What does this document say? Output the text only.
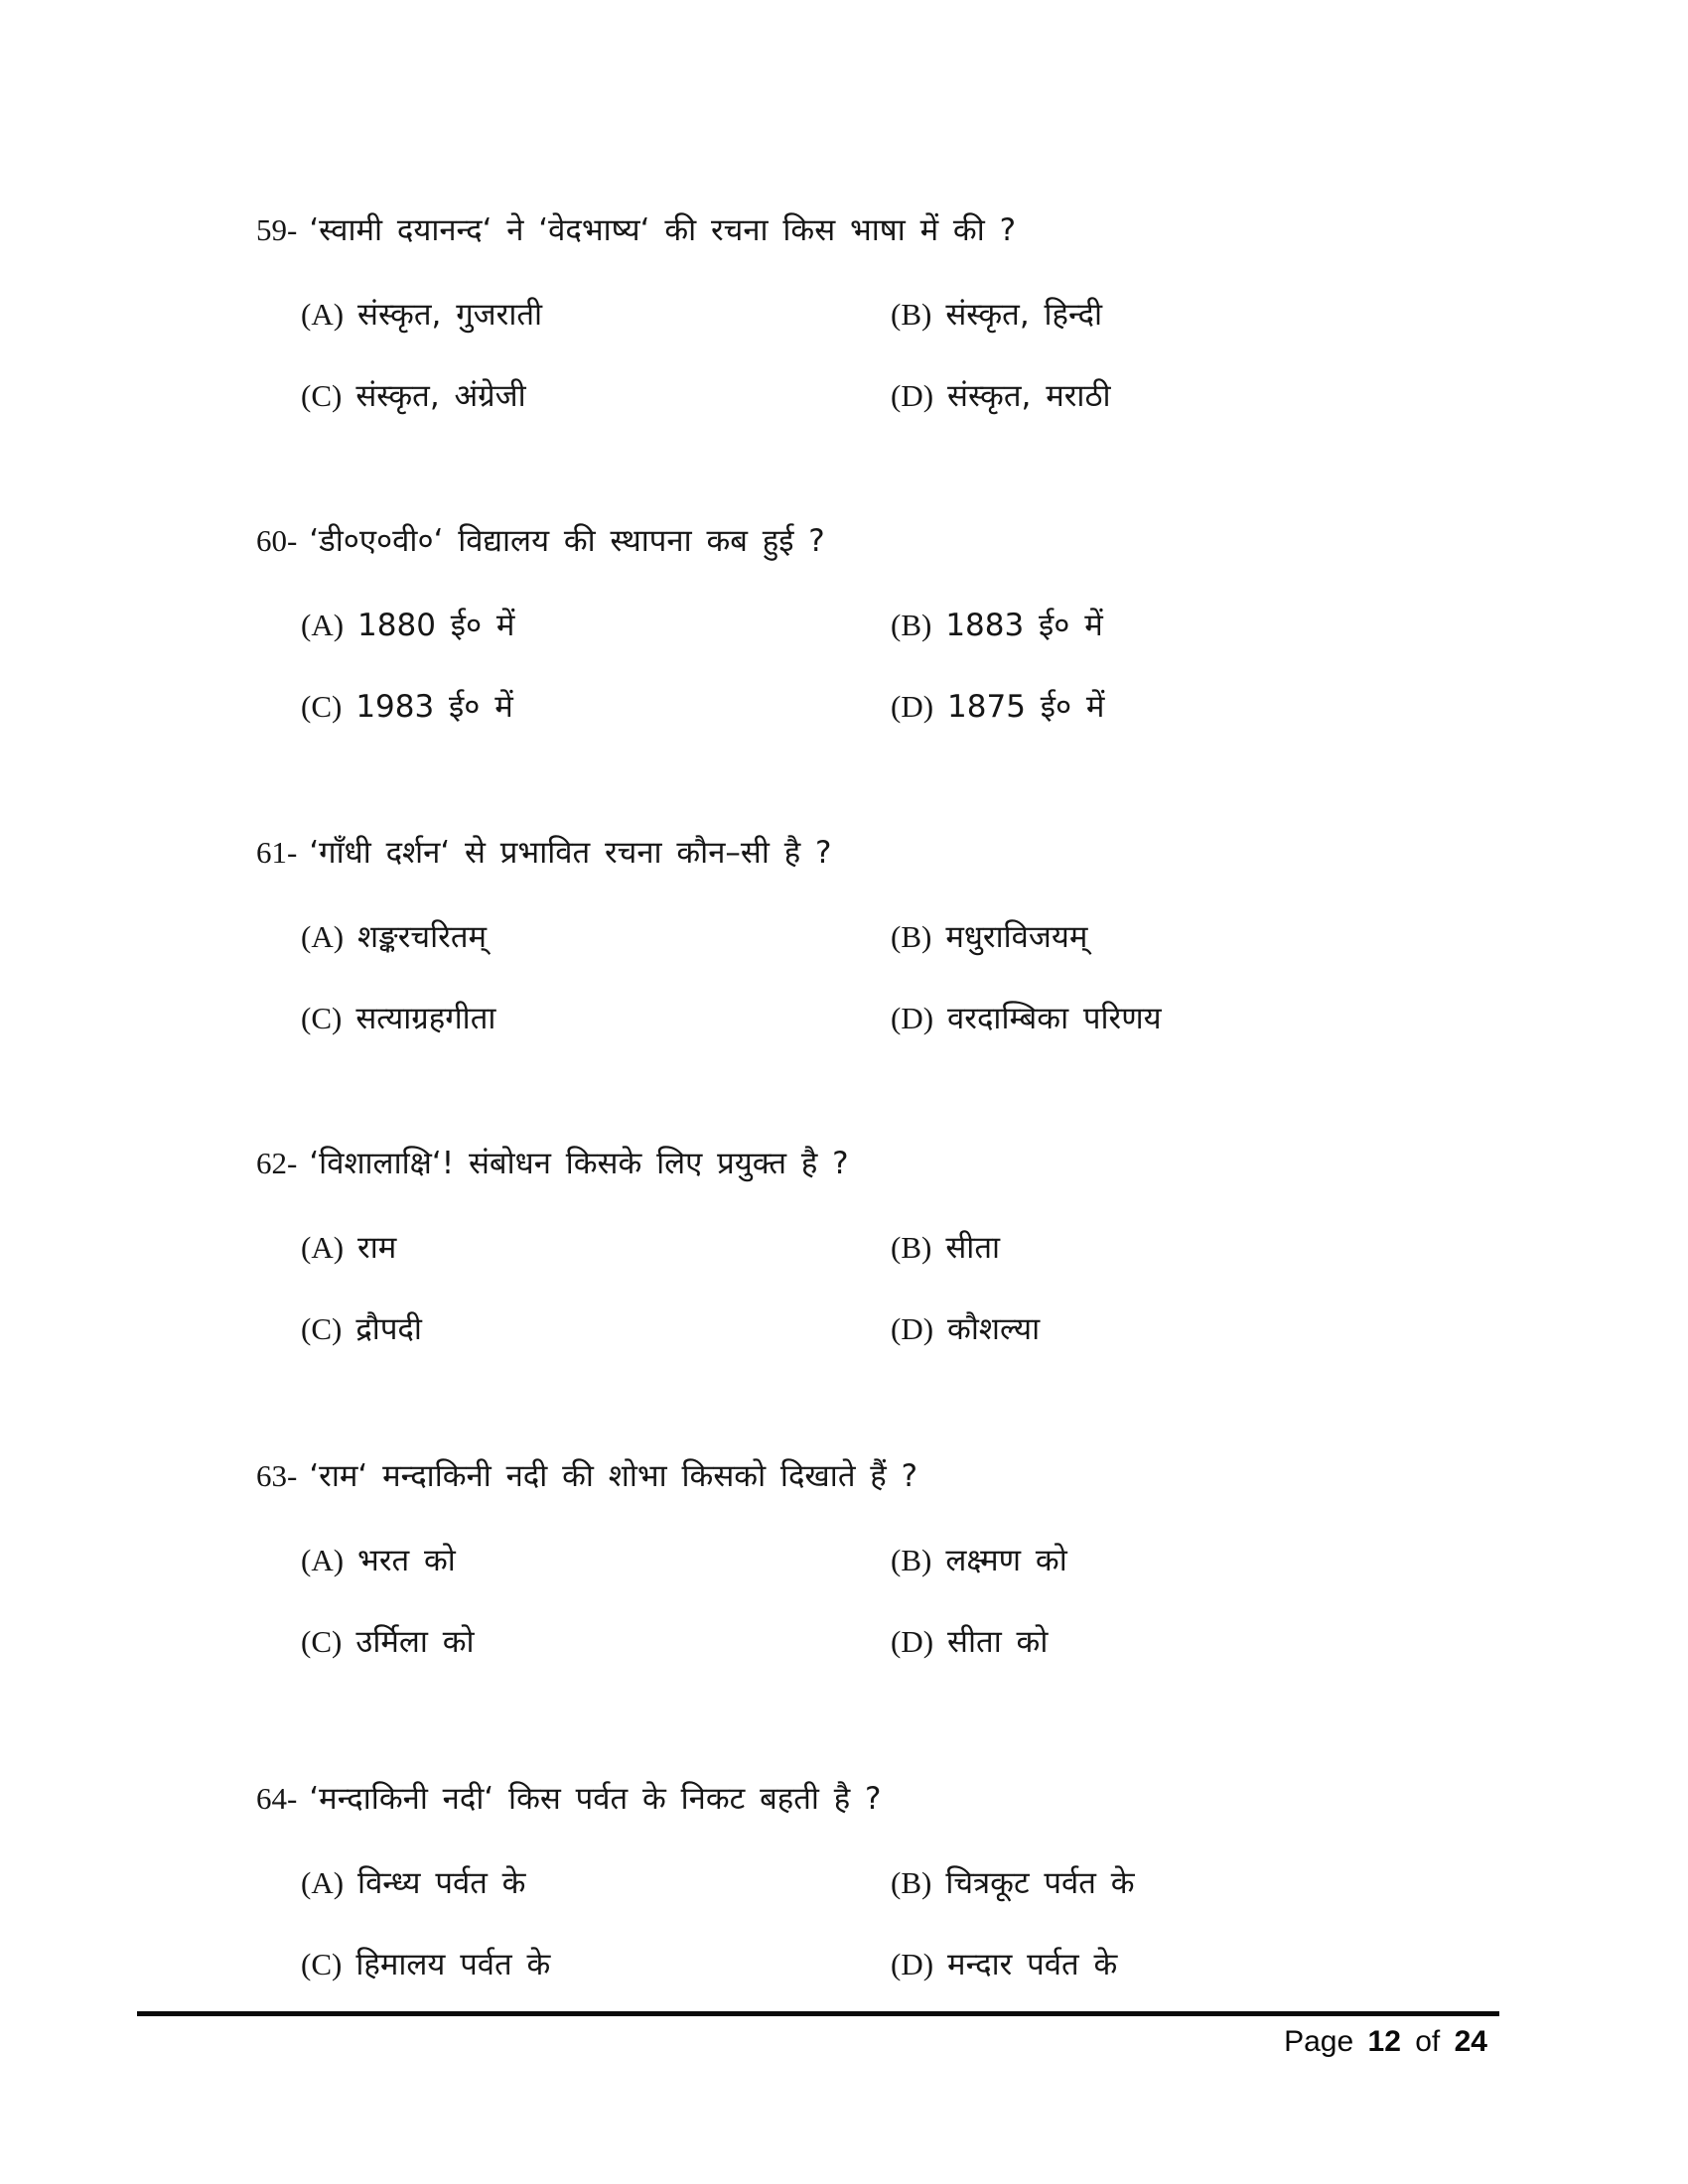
59- ‘स्वामी दयानन्द‘ ने ‘वेदभाष्य‘ की रचना किस भाषा में की ?
(A) संस्कृत, गुजराती	(B) संस्कृत, हिन्दी
(C) संस्कृत, अंग्रेजी	(D) संस्कृत, मराठी
60- ‘डी०ए०वी०‘ विद्यालय की स्थापना कब हुई ?
(A) 1880 ई० में	(B) 1883 ई० में
(C) 1983 ई० में	(D) 1875 ई० में
61- ‘गाँधी दर्शन‘ से प्रभावित रचना कौन–सी है ?
(A) शङ्करचरितम्	(B) मधुराविजयम्
(C) सत्याग्रहगीता	(D) वरदाम्बिका परिणय
62- ‘विशालाक्षि‘! संबोधन किसके लिए प्रयुक्त है ?
(A) राम	(B) सीता
(C) द्रौपदी	(D) कौशल्या
63- ‘राम‘ मन्दाकिनी नदी की शोभा किसको दिखाते हैं ?
(A) भरत को	(B) लक्ष्मण को
(C) उर्मिला को	(D) सीता को
64- ‘मन्दाकिनी नदी‘ किस पर्वत के निकट बहती है ?
(A) विन्ध्य पर्वत के	(B) चित्रकूट पर्वत के
(C) हिमालय पर्वत के	(D) मन्दार पर्वत के
Page 12 of 24
